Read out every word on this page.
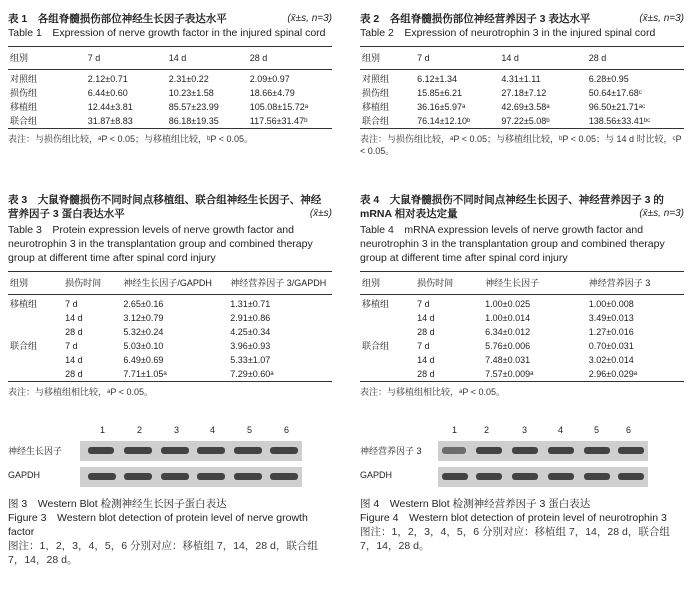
(x̄±s, n=3)
表 1　各组脊髓损伤部位神经生长因子表达水平
Table 1　Expression of nerve growth factor in the injured spinal cord
组别	7 d	14 d	28 d
对照组	2.12±0.71	2.31±0.22	2.09±0.97
损伤组	6.44±0.60	10.23±1.58	18.66±4.79
移植组	12.44±3.81	85.57±23.99	105.08±15.72ᵃ
联合组	31.87±8.83	86.18±19.35	117.56±31.47ᵇ
表注：与损伤组比较，ᵃP < 0.05；与移植组比较，ᵇP < 0.05。
表 3　大鼠脊髓损伤不同时间点移植组、联合组神经生长因子、神经
(x̄±s)
营养因子 3 蛋白表达水平
Table 3　Protein expression levels of nerve growth factor and neurotrophin 3 in the transplantation group and combined therapy group at different time after spinal cord injury
组别	损伤时间	神经生长因子/GAPDH	神经营养因子 3/GAPDH
移植组	7 d	2.65±0.16	1.31±0.71
	14 d	3.12±0.79	2.91±0.86
	28 d	5.32±0.24	4.25±0.34
联合组	7 d	5.03±0.10	3.96±0.93
	14 d	6.49±0.69	5.33±1.07
	28 d	7.71±1.05ᵃ	7.29±0.60ᵃ
表注：与移植组相比较，ᵃP < 0.05。
1	2	3	4	5	6
神经生长因子
GAPDH
图 3　Western Blot 检测神经生长因子蛋白表达
Figure 3　Western blot detection of protein level of nerve growth factor
图注：1，2，3，4，5，6 分别对应：移植组 7，14，28 d，联合组 7，14，28 d。
(x̄±s, n=3)
表 2　各组脊髓损伤部位神经营养因子 3 表达水平
Table 2　Expression of neurotrophin 3 in the injured spinal cord
组别	7 d	14 d	28 d
对照组	6.12±1.34	4.31±1.11	6.28±0.95
损伤组	15.85±6.21	27.18±7.12	50.64±17.68ᶜ
移植组	36.16±5.97ᵃ	42.69±3.58ᵃ	96.50±21.71ᵃᶜ
联合组	76.14±12.10ᵇ	97.22±5.08ᵇ	138.56±33.41ᵇᶜ
表注：与损伤组比较，ᵃP < 0.05；与移植组比较，ᵇP < 0.05；与 14 d 时比较，ᶜP < 0.05。
表 4　大鼠脊髓损伤不同时间点神经生长因子、神经营养因子 3 的
(x̄±s, n=3)
mRNA 相对表达定量
Table 4　mRNA expression levels of nerve growth factor and neurotrophin 3 in the transplantation group and combined therapy group at different time after spinal cord injury
组别	损伤时间	神经生长因子	神经营养因子 3
移植组	7 d	1.00±0.025	1.00±0.008
	14 d	1.00±0.014	3.49±0.013
	28 d	6.34±0.012	1.27±0.016
联合组	7 d	5.76±0.006	0.70±0.031
	14 d	7.48±0.031	3.02±0.014
	28 d	7.57±0.009ᵃ	2.96±0.029ᵃ
表注：与移植组相比较，ᵃP < 0.05。
1	2	3	4	5	6
神经营养因子 3
GAPDH
图 4　Western Blot 检测神经营养因子 3 蛋白表达
Figure 4　Western blot detection of protein level of neurotrophin 3
图注：1，2，3，4，5，6 分别对应：移植组 7，14，28 d，联合组 7，14，28 d。
